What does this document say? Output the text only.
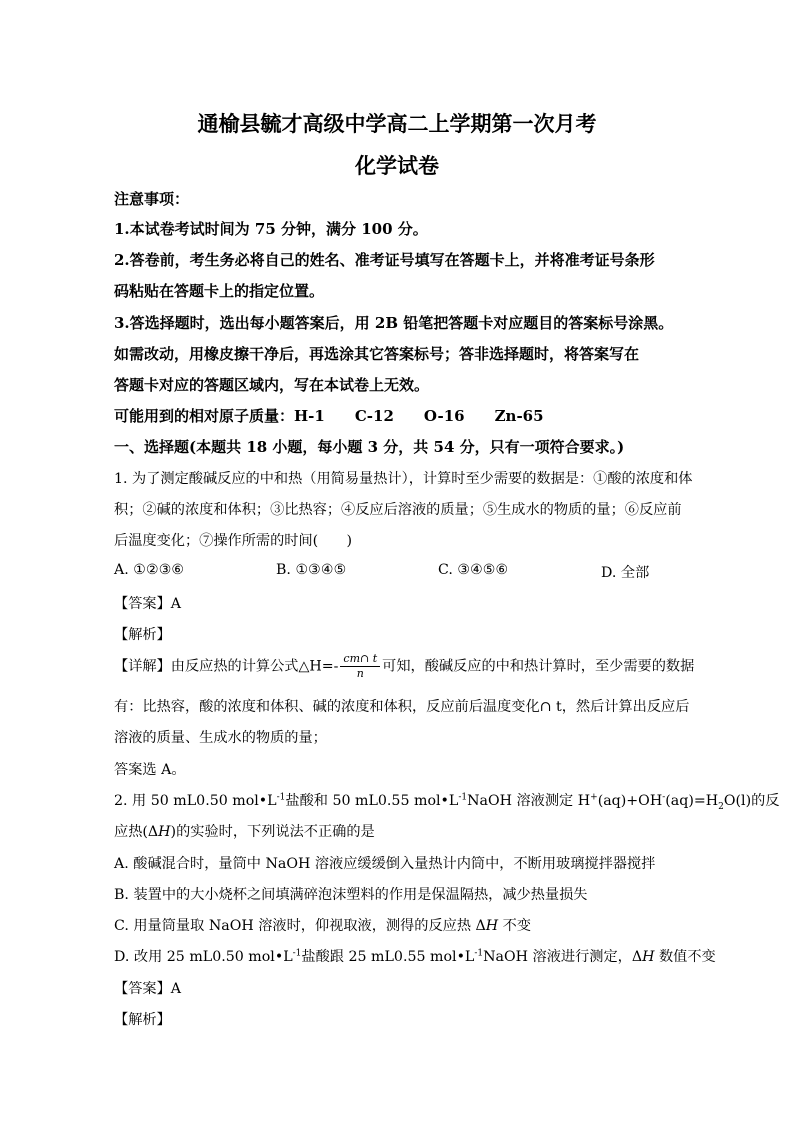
通榆县毓才高级中学高二上学期第一次月考
化学试卷
注意事项：
1.本试卷考试时间为 75 分钟，满分 100 分。
2.答卷前，考生务必将自己的姓名、准考证号填写在答题卡上，并将准考证号条形
码粘贴在答题卡上的指定位置。
3.答选择题时，选出每小题答案后，用 2B 铅笔把答题卡对应题目的答案标号涂黑。
如需改动，用橡皮擦干净后，再选涂其它答案标号；答非选择题时，将答案写在
答题卡对应的答题区域内，写在本试卷上无效。
可能用到的相对原子质量：H-1　　C-12　　O-16　　Zn-65
一、选择题(本题共 18 小题，每小题 3 分，共 54 分，只有一项符合要求。)
1. 为了测定酸碱反应的中和热（用简易量热计），计算时至少需要的数据是：①酸的浓度和体
积；②碱的浓度和体积；③比热容；④反应后溶液的质量；⑤生成水的物质的量；⑥反应前
后温度变化；⑦操作所需的时间(　　)
A. ①②③⑥	B. ①③④⑤	C. ③④⑤⑥	D. 全部
【答案】A
【解析】
【详解】由反应热的计算公式△H=- $\frac{cm\cap t}{n}$ 可知，酸碱反应的中和热计算时，至少需要的数据
有：比热容，酸的浓度和体积、碱的浓度和体积，反应前后温度变化∩ t，然后计算出反应后
溶液的质量、生成水的物质的量；
答案选 A。
2. 用 50 mL0.50 $mol•L^{-1}$盐酸和 50 mL0.55 $mol•L^{-1}NaOH$ 溶液测定 $H^+(aq)+OH^-(aq)=H_2O(l)$的反
应热(ΔH)的实验时，下列说法不正确的是
A. 酸碱混合时，量筒中 NaOH 溶液应缓缓倒入量热计内筒中，不断用玻璃搅拌器搅拌
B. 装置中的大小烧杯之间填满碎泡沫塑料的作用是保温隔热，减少热量损失
C. 用量筒量取 NaOH 溶液时，仰视取液，测得的反应热 ΔH 不变
D. 改用 25 mL0.50 $mol•L^{-1}$盐酸跟 25 mL0.55 $mol•L^{-1}NaOH$ 溶液进行测定，ΔH 数值不变
【答案】A
【解析】
